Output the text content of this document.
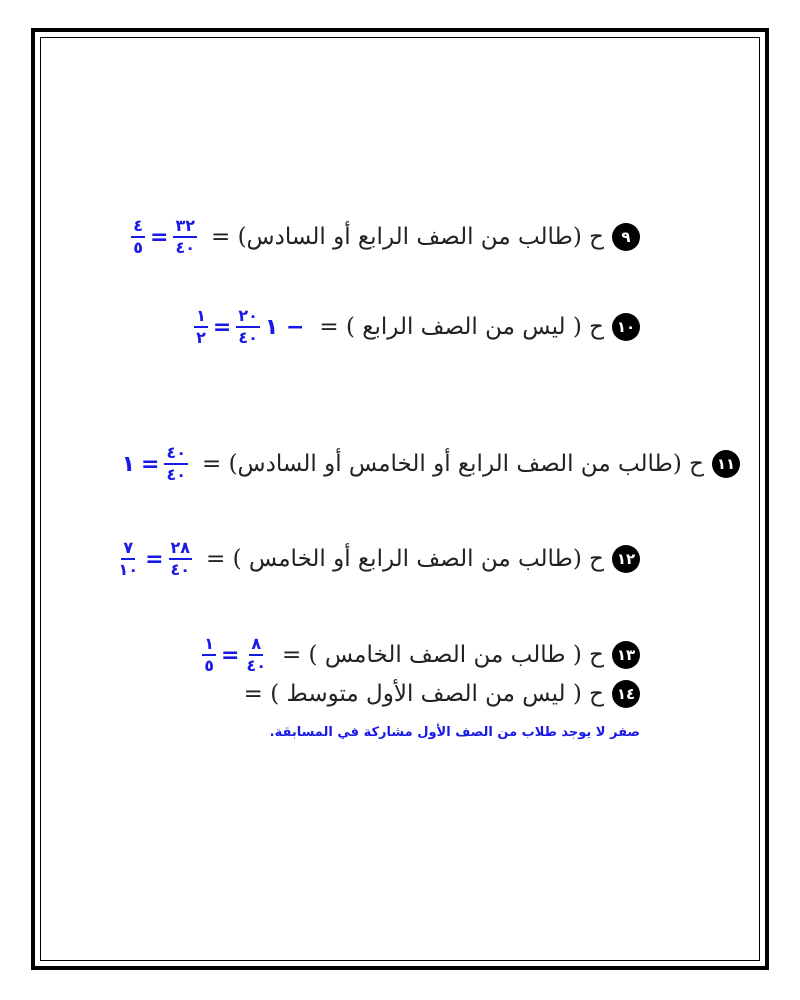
٩
ح (طالب من الصف الرابع أو السادس) =
$\frac{٤}{٥} = \frac{٣٢}{٤٠}$
١٠
ح ( ليس من الصف الرابع ) =
$\frac{١}{٢} = \frac{٢٠}{٤٠}$ ١ −
١١
ح (طالب من الصف الرابع أو الخامس أو السادس) =
١ = $\frac{٤٠}{٤٠}$
١٢
ح (طالب من الصف الرابع أو الخامس ) =
$\frac{٧}{١٠} = \frac{٢٨}{٤٠}$
١٣
ح ( طالب من الصف الخامس ) =
$\frac{١}{٥} = \frac{٨}{٤٠}$
١٤
ح ( ليس من الصف الأول متوسط ) =
صفر لا يوجد طلاب من الصف الأول مشاركة في المسابقة.
